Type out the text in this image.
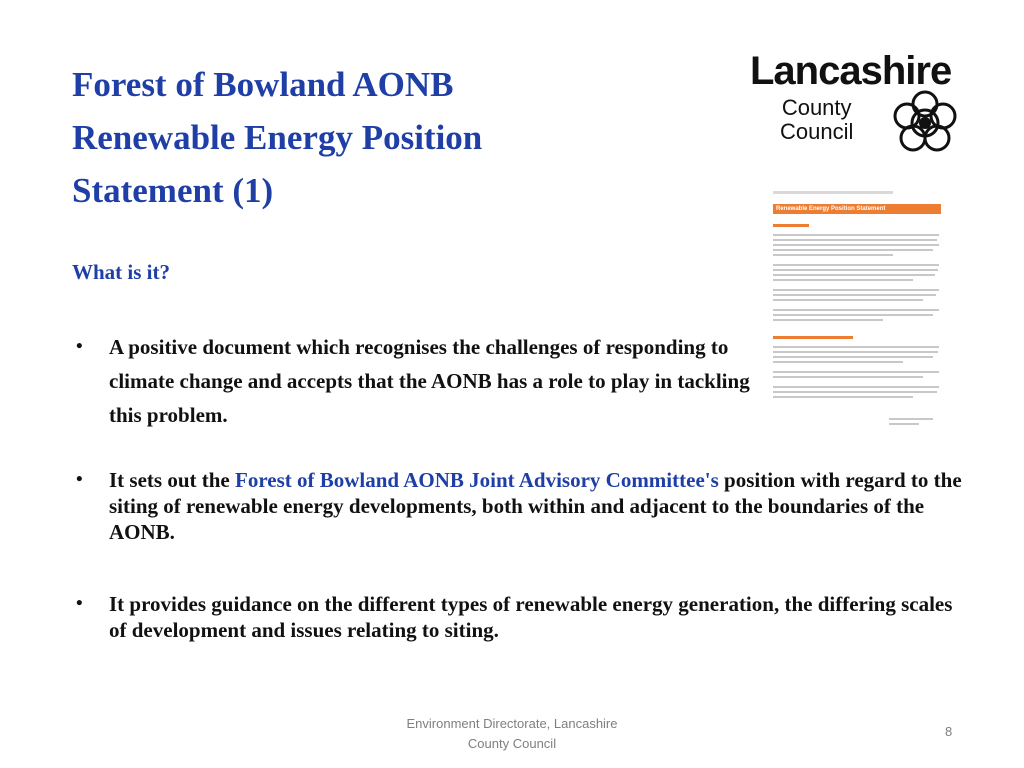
Forest of Bowland AONB
Renewable Energy Position
Statement (1)
Lancashire
County
Council
Renewable Energy Position Statement

What is it?

•	A positive document which recognises the challenges of responding to climate change and accepts that the AONB has a role to play in tackling this problem.
•	It sets out the Forest of Bowland AONB Joint Advisory Committee's position with regard to the siting of renewable energy developments, both within and adjacent to the boundaries of the AONB.
•	It provides guidance on the different types of renewable energy generation, the differing scales of development and issues relating to siting.
Environment Directorate, Lancashire
County Council

8
